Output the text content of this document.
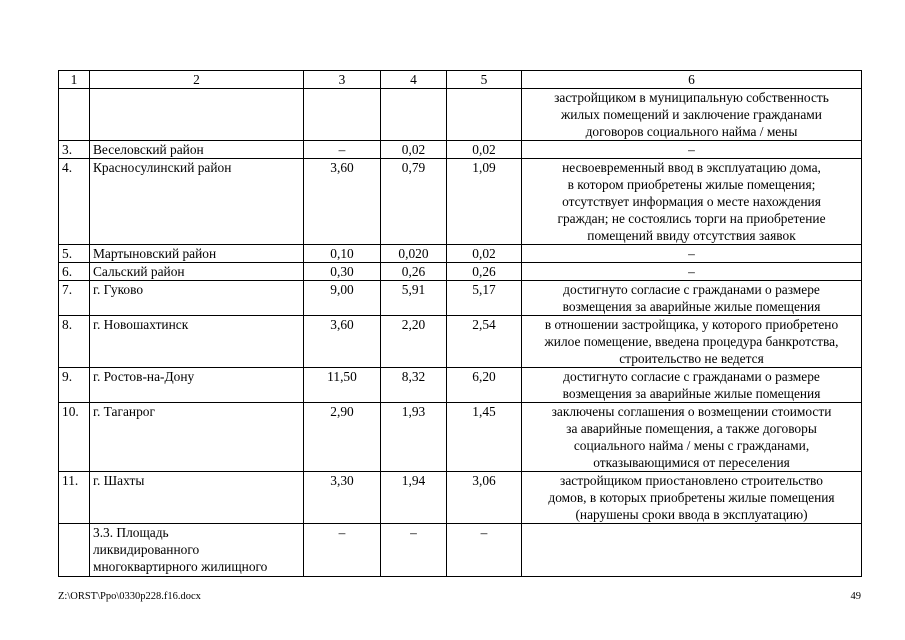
1	2	3	4	5	6

					застройщиком в муниципальную собственность
жилых помещений и заключение гражданами
договоров социального найма / мены

3.	Веселовский район	–	0,02	0,02	–

4.	Красносулинский район	3,60	0,79	1,09	несвоевременный ввод в эксплуатацию дома,
в котором приобретены жилые помещения;
отсутствует информация о месте нахождения
граждан; не состоялись торги на приобретение
помещений ввиду отсутствия заявок

5.	Мартыновский район	0,10	0,020	0,02	–

6.	Сальский район	0,30	0,26	0,26	–

7.	г. Гуково	9,00	5,91	5,17	достигнуто согласие с гражданами о размере
возмещения за аварийные жилые помещения

8.	г. Новошахтинск	3,60	2,20	2,54	в отношении застройщика, у которого приобретено
жилое помещение, введена процедура банкротства,
строительство не ведется

9.	г. Ростов-на-Дону	11,50	8,32	6,20	достигнуто согласие с гражданами о размере
возмещения за аварийные жилые помещения

10.	г. Таганрог	2,90	1,93	1,45	заключены соглашения о возмещении стоимости
за аварийные помещения, а также договоры
социального найма / мены с гражданами,
отказывающимися от переселения

11.	г. Шахты	3,30	1,94	3,06	застройщиком приостановлено строительство
домов, в которых приобретены жилые помещения
(нарушены сроки ввода в эксплуатацию)

	3.3. Площадь
ликвидированного
многоквартирного жилищного	–	–	–	
Z:\ORST\Ppo\0330p228.f16.docx	49
